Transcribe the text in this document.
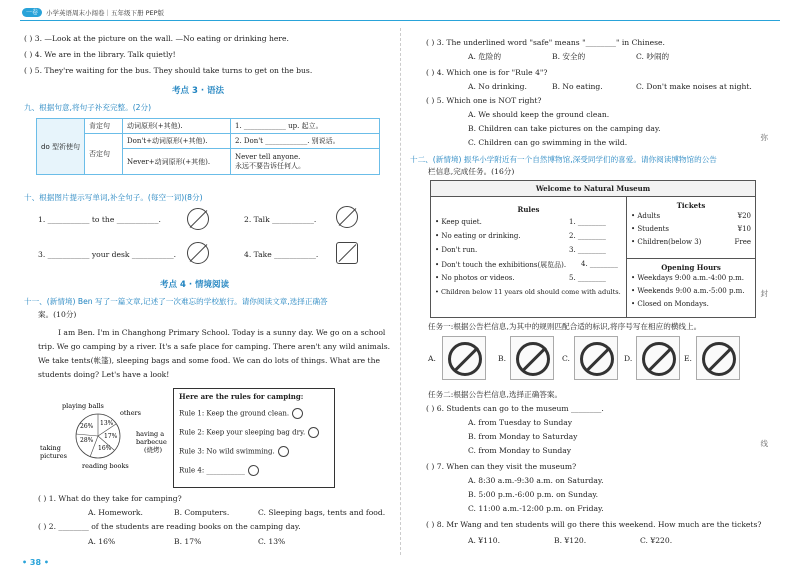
一卷	小学英语周末小闯卷｜五年级下册 PEP版
( ) 3. —Look at the picture on the wall. —No eating or drinking here.
( ) 4. We are in the library. Talk quietly!
( ) 5. They're waiting for the bus. They should take turns to get on the bus.
考点 3 · 语法
九、根据句意,将句子补充完整。(2分)
do 型祈使句	肯定句	动词原形(+其他).	1. ____________ up. 起立。
	否定句	Don't+动词原形(+其他).	2. Don't ____________. 别说话。
		Never+动词原形(+其他).	Never tell anyone.
永远不要告诉任何人。
十、根据图片提示写单词,补全句子。(每空一词)(8分)
1. ___________ to the ___________.	2. Talk ___________.
3. ___________ your desk ___________.	4. Take ___________.
考点 4 · 情境阅读
十一、(新情境) Ben 写了一篇文章,记述了一次难忘的学校旅行。请你阅读文章,选择正确答
案。(10分)
I am Ben. I'm in Changhong Primary School. Today is a sunny day. We go on a school
trip. We go camping by a river. It's a safe place for camping. There aren't any wild animals.
We take tents(帐篷), sleeping bags and some food. We can do lots of things. What are the
students doing? Let's have a look!
13%
17%
16%
28%
26%
playing balls
others
having a
barbecue
(烧烤)
taking
pictures
reading books
Here are the rules for camping:
Rule 1: Keep the ground clean.
Rule 2: Keep your sleeping bag dry.
Rule 3: No wild swimming.
Rule 4: ___________
( ) 1. What do they take for camping?
A. Homework.	B. Computers.	C. Sleeping bags, tents and food.
( ) 2. ________ of the students are reading books on the camping day.
A. 16%	B. 17%	C. 13%
• 38 •
( ) 3. The underlined word "safe" means "________" in Chinese.
A. 危险的	B. 安全的	C. 吵闹的
( ) 4. Which one is for "Rule 4"?
A. No drinking.	B. No eating.	C. Don't make noises at night.
( ) 5. Which one is NOT right?
A. We should keep the ground clean.
B. Children can take pictures on the camping day.
C. Children can go swimming in the wild.
十二、(新情境) 振华小学附近有一个自然博物馆,深受同学们的喜爱。请你阅读博物馆的公告
栏信息,完成任务。(16分)
Welcome to Natural Museum
Rules
• Keep quiet.	1. ________
• No eating or drinking.	2. ________
• Don't run.	3. ________
• Don't touch the exhibitions(展览品). 4. ________
• No photos or videos.	5. ________
• Children below 11 years old should come with adults.
Tickets
• Adults	¥20
• Students	¥10
• Children(below 3)	Free
Opening Hours
• Weekdays 9:00 a.m.-4:00 p.m.
• Weekends 9:00 a.m.-5:00 p.m.
• Closed on Mondays.
任务一:根据公告栏信息,为其中的规则匹配合适的标识,将序号写在相应的横线上。
A.	B.	C.	D.	E.
任务二:根据公告栏信息,选择正确答案。
( ) 6. Students can go to the museum ________.
A. from Tuesday to Sunday
B. from Monday to Saturday
C. from Monday to Sunday
( ) 7. When can they visit the museum?
A. 8:30 a.m.-9:30 a.m. on Saturday.
B. 5:00 p.m.-6:00 p.m. on Sunday.
C. 11:00 a.m.-12:00 p.m. on Friday.
( ) 8. Mr Wang and ten students will go there this weekend. How much are the tickets?
A. ¥110.	B. ¥120.	C. ¥220.
弥
封
线
